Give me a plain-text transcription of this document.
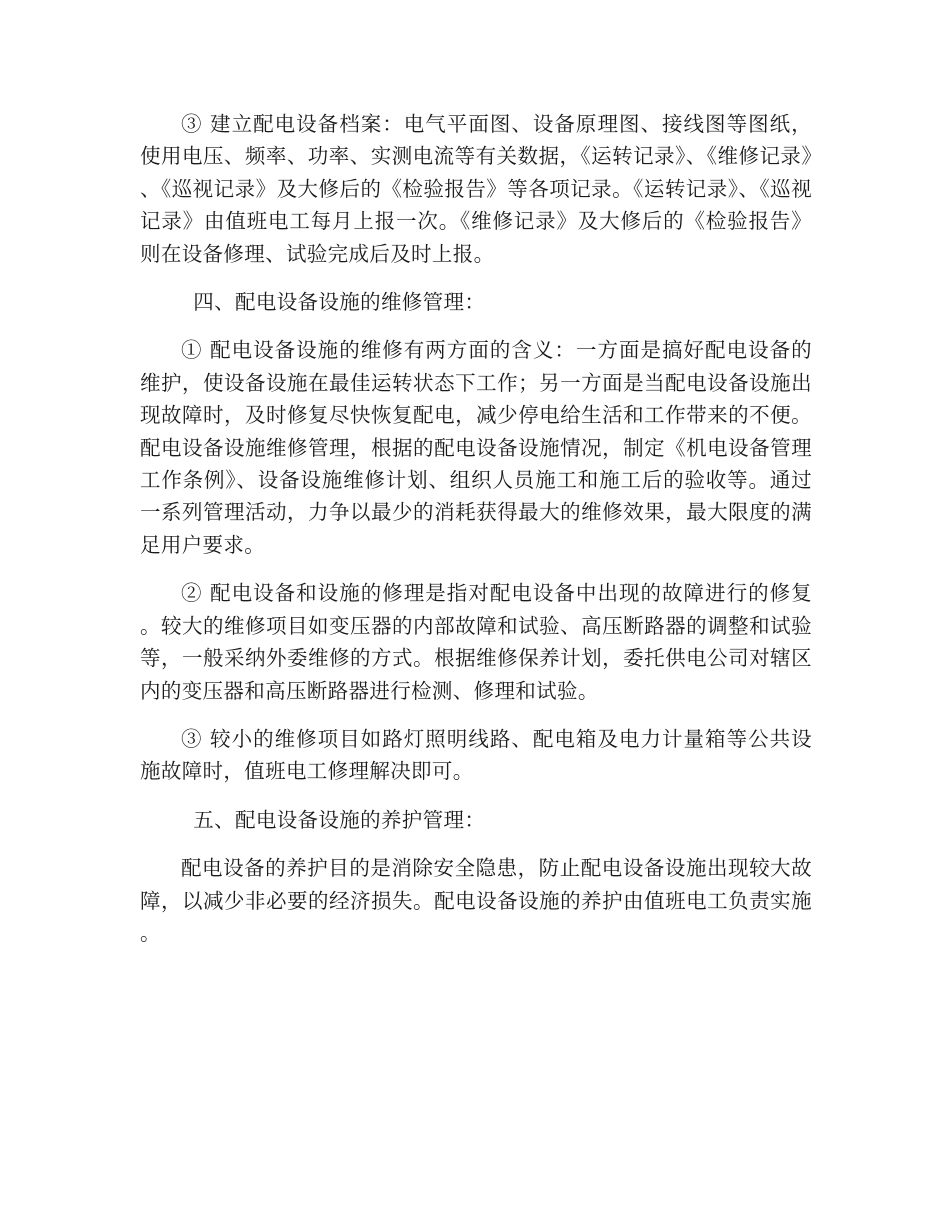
③ 建立配电设备档案：电气平面图、设备原理图、接线图等图纸，使用电压、频率、功率、实测电流等有关数据，《运转记录》、《维修记录》、《巡视记录》及大修后的《检验报告》等各项记录。《运转记录》、《巡视记录》由值班电工每月上报一次。《维修记录》及大修后的《检验报告》则在设备修理、试验完成后及时上报。

四、配电设备设施的维修管理：

① 配电设备设施的维修有两方面的含义：一方面是搞好配电设备的维护，使设备设施在最佳运转状态下工作；另一方面是当配电设备设施出现故障时，及时修复尽快恢复配电，减少停电给生活和工作带来的不便。配电设备设施维修管理，根据的配电设备设施情况，制定《机电设备管理工作条例》、设备设施维修计划、组织人员施工和施工后的验收等。通过一系列管理活动，力争以最少的消耗获得最大的维修效果，最大限度的满足用户要求。

② 配电设备和设施的修理是指对配电设备中出现的故障进行的修复。较大的维修项目如变压器的内部故障和试验、高压断路器的调整和试验等，一般采纳外委维修的方式。根据维修保养计划，委托供电公司对辖区内的变压器和高压断路器进行检测、修理和试验。

③ 较小的维修项目如路灯照明线路、配电箱及电力计量箱等公共设施故障时，值班电工修理解决即可。

五、配电设备设施的养护管理：

配电设备的养护目的是消除安全隐患，防止配电设备设施出现较大故障，以减少非必要的经济损失。配电设备设施的养护由值班电工负责实施。
